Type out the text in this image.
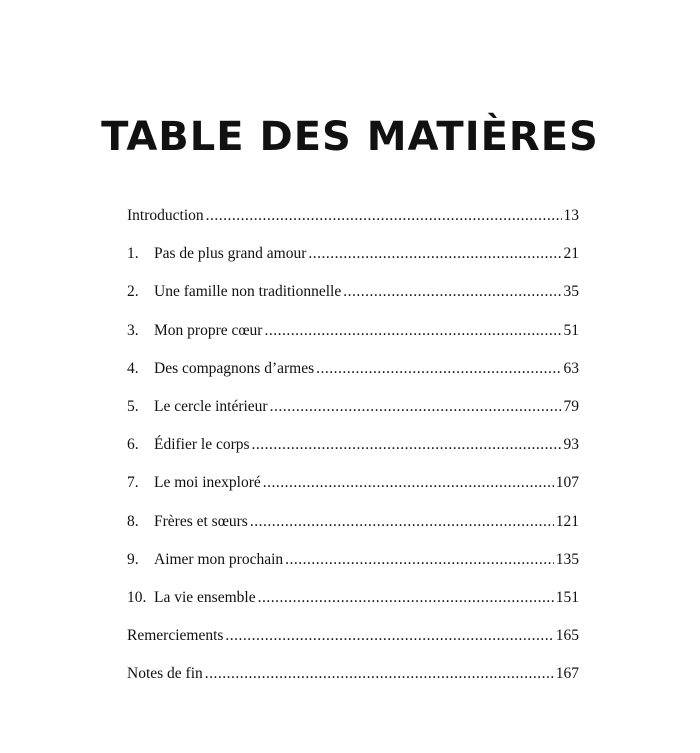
TABLE DES MATIÈRES
Introduction .....	13
1. Pas de plus grand amour .....	21
2. Une famille non traditionnelle .....	35
3. Mon propre cœur .....	51
4. Des compagnons d’armes .....	63
5. Le cercle intérieur .....	79
6. Édifier le corps .....	93
7. Le moi inexploré .....	107
8. Frères et sœurs .....	121
9. Aimer mon prochain .....	135
10. La vie ensemble .....	151
Remerciements .....	165
Notes de fin .....	167
